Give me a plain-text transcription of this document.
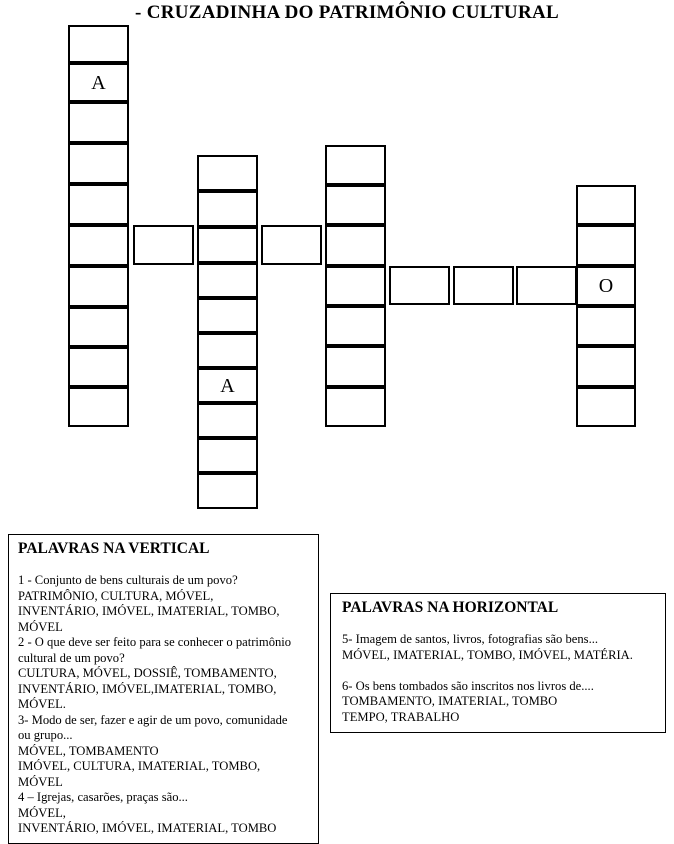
- CRUZADINHA DO PATRIMÔNIO CULTURAL
A
A
O
PALAVRAS NA VERTICAL

1 - Conjunto de bens culturais de um povo?

PATRIMÔNIO, CULTURA, MÓVEL,

INVENTÁRIO, IMÓVEL, IMATERIAL, TOMBO,

MÓVEL

2 - O que deve ser feito para se conhecer o patrimônio

cultural de um povo?

CULTURA, MÓVEL, DOSSIÊ, TOMBAMENTO,

INVENTÁRIO, IMÓVEL,IMATERIAL, TOMBO,

MÓVEL.

3- Modo de ser, fazer e agir de um povo, comunidade

ou grupo...

MÓVEL, TOMBAMENTO

IMÓVEL, CULTURA, IMATERIAL, TOMBO,

MÓVEL

4 – Igrejas, casarões, praças são...

MÓVEL,

INVENTÁRIO, IMÓVEL, IMATERIAL, TOMBO

PALAVRAS NA HORIZONTAL

5- Imagem de santos, livros, fotografias são bens...

MÓVEL, IMATERIAL, TOMBO, IMÓVEL, MATÉRIA.

6- Os bens tombados são inscritos nos livros de....

TOMBAMENTO, IMATERIAL, TOMBO

TEMPO, TRABALHO
